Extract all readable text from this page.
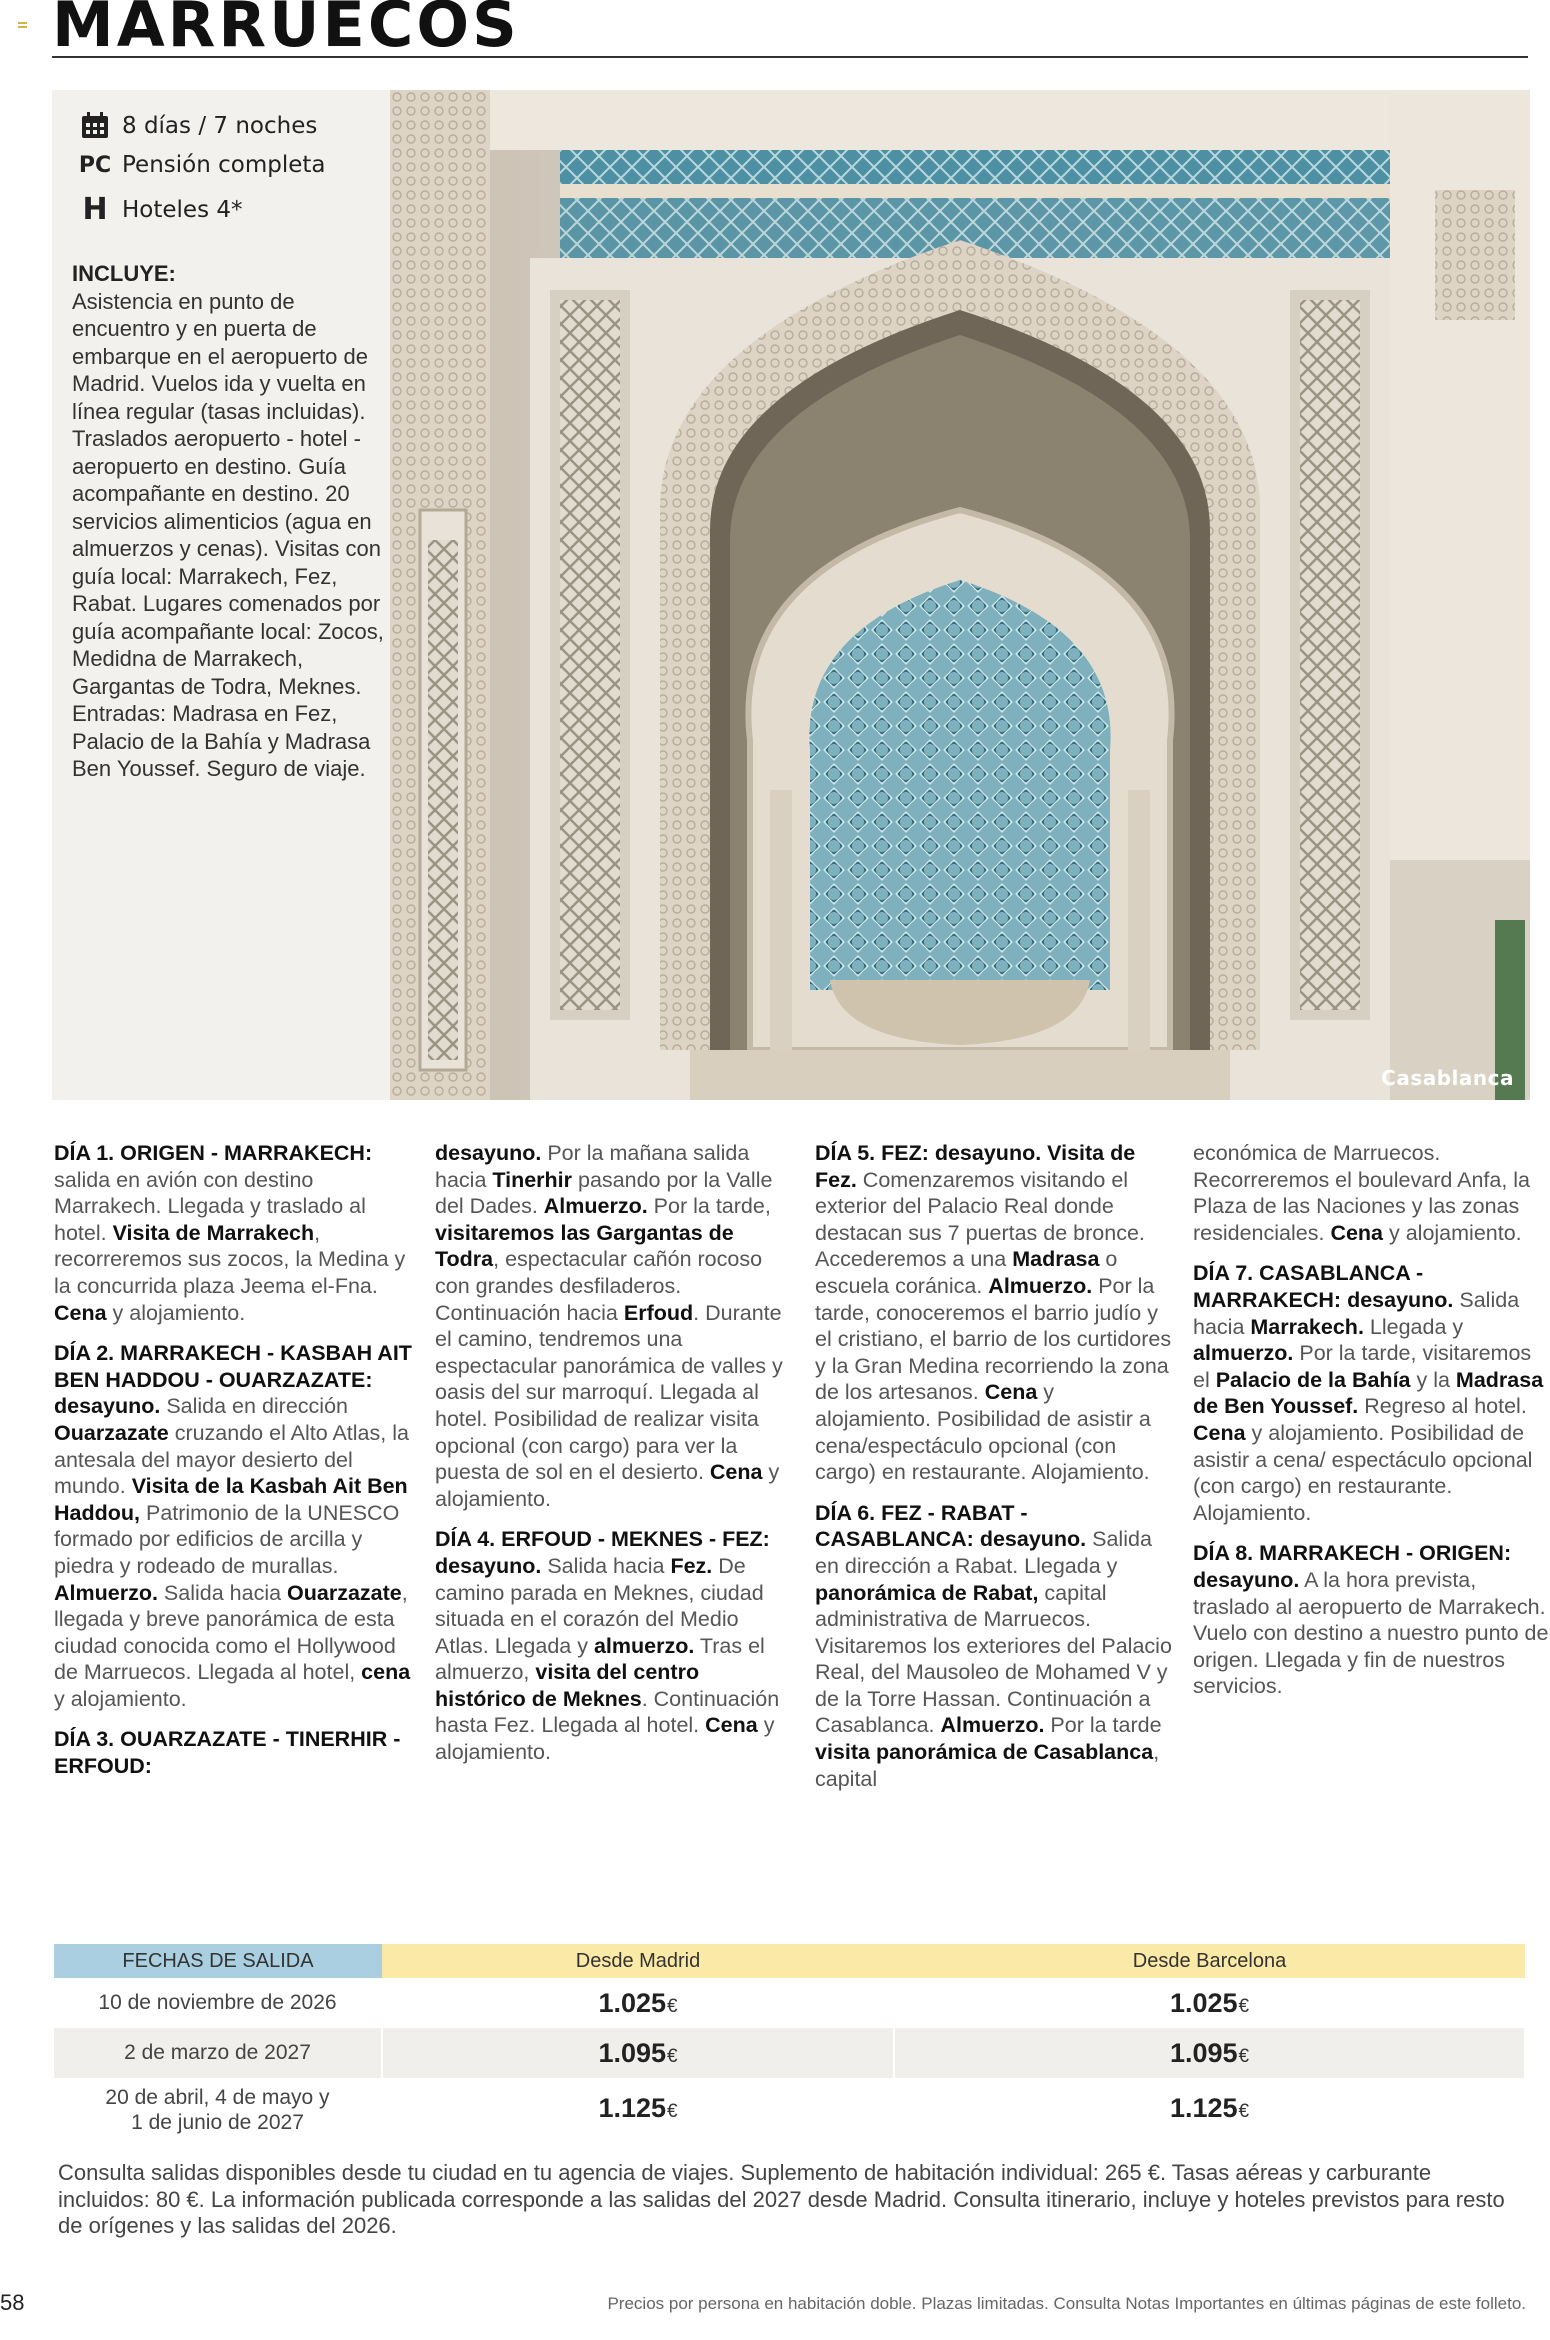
MARRUECOS
8 días / 7 noches
PC Pensión completa
H Hoteles 4*
INCLUYE:
Asistencia en punto de encuentro y en puerta de embarque en el aeropuerto de Madrid. Vuelos ida y vuelta en línea regular (tasas incluidas). Traslados aeropuerto - hotel - aeropuerto en destino. Guía acompañante en destino. 20 servicios alimenticios (agua en almuerzos y cenas). Visitas con guía local: Marrakech, Fez, Rabat. Lugares comenados por guía acompañante local: Zocos, Medidna de Marrakech, Gargantas de Todra, Meknes. Entradas: Madrasa en Fez, Palacio de la Bahía y Madrasa Ben Youssef. Seguro de viaje.
Casablanca

DÍA 1. ORIGEN - MARRAKECH: salida en avión con destino Marrakech. Llegada y traslado al hotel. Visita de Marrakech, recorreremos sus zocos, la Medina y la concurrida plaza Jeema el-Fna. Cena y alojamiento.

DÍA 2. MARRAKECH - KASBAH AIT BEN HADDOU - OUARZAZATE: desayuno. Salida en dirección Ouarzazate cruzando el Alto Atlas, la antesala del mayor desierto del mundo. Visita de la Kasbah Ait Ben Haddou, Patrimonio de la UNESCO formado por edificios de arcilla y piedra y rodeado de murallas. Almuerzo. Salida hacia Ouarzazate, llegada y breve panorámica de esta ciudad conocida como el Hollywood de Marruecos. Llegada al hotel, cena y alojamiento.

DÍA 3. OUARZAZATE - TINERHIR - ERFOUD:

desayuno. Por la mañana salida hacia Tinerhir pasando por la Valle del Dades. Almuerzo. Por la tarde, visitaremos las Gargantas de Todra, espectacular cañón rocoso con grandes desfiladeros. Continuación hacia Erfoud. Durante el camino, tendremos una espectacular panorámica de valles y oasis del sur marroquí. Llegada al hotel. Posibilidad de realizar visita opcional (con cargo) para ver la puesta de sol en el desierto. Cena y alojamiento.

DÍA 4. ERFOUD - MEKNES - FEZ: desayuno. Salida hacia Fez. De camino parada en Meknes, ciudad situada en el corazón del Medio Atlas. Llegada y almuerzo. Tras el almuerzo, visita del centro histórico de Meknes. Continuación hasta Fez. Llegada al hotel. Cena y alojamiento.

DÍA 5. FEZ: desayuno. Visita de Fez. Comenzaremos visitando el exterior del Palacio Real donde destacan sus 7 puertas de bronce. Accederemos a una Madrasa o escuela coránica. Almuerzo. Por la tarde, conoceremos el barrio judío y el cristiano, el barrio de los curtidores y la Gran Medina recorriendo la zona de los artesanos. Cena y alojamiento. Posibilidad de asistir a cena/espectáculo opcional (con cargo) en restaurante. Alojamiento.

DÍA 6. FEZ - RABAT - CASABLANCA: desayuno. Salida en dirección a Rabat. Llegada y panorámica de Rabat, capital administrativa de Marruecos. Visitaremos los exteriores del Palacio Real, del Mausoleo de Mohamed V y de la Torre Hassan. Continuación a Casablanca. Almuerzo. Por la tarde visita panorámica de Casablanca, capital

económica de Marruecos. Recorreremos el boulevard Anfa, la Plaza de las Naciones y las zonas residenciales. Cena y alojamiento.

DÍA 7. CASABLANCA - MARRAKECH: desayuno. Salida hacia Marrakech. Llegada y almuerzo. Por la tarde, visitaremos el Palacio de la Bahía y la Madrasa de Ben Youssef. Regreso al hotel. Cena y alojamiento. Posibilidad de asistir a cena/ espectáculo opcional (con cargo) en restaurante. Alojamiento.

DÍA 8. MARRAKECH - ORIGEN: desayuno. A la hora prevista, traslado al aeropuerto de Marrakech. Vuelo con destino a nuestro punto de origen. Llegada y fin de nuestros servicios.

FECHAS DE SALIDA	Desde Madrid	Desde Barcelona
10 de noviembre de 2026	1.025€	1.025€
2 de marzo de 2027	1.095€	1.095€

20 de abril, 4 de mayo y
1 de junio de 2027	1.125€	1.125€
Consulta salidas disponibles desde tu ciudad en tu agencia de viajes. Suplemento de habitación individual: 265 €. Tasas aéreas y carburante incluidos: 80 €. La información publicada corresponde a las salidas del 2027 desde Madrid. Consulta itinerario, incluye y hoteles previstos para resto de orígenes y las salidas del 2026.
58	Precios por persona en habitación doble. Plazas limitadas. Consulta Notas Importantes en últimas páginas de este folleto.
